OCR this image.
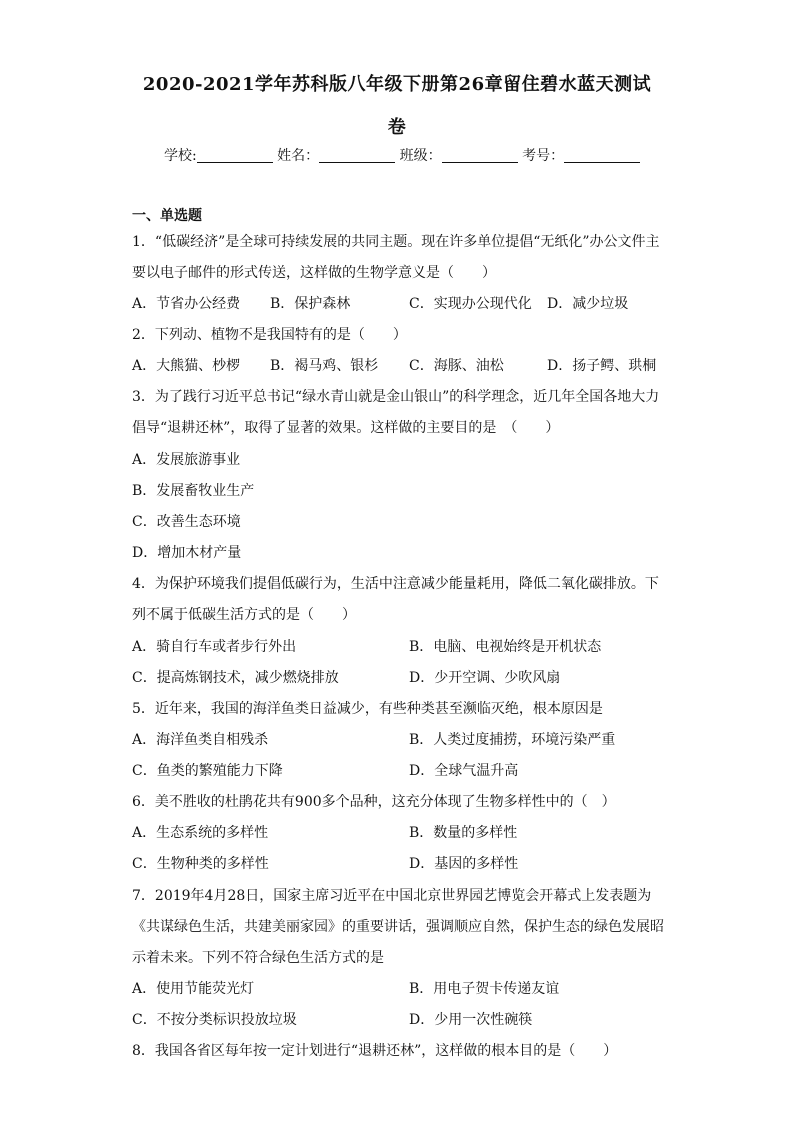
2020-2021学年苏科版八年级下册第26章留住碧水蓝天测试
卷
学校:	姓名：	班级：	考号：
一、单选题
1．“低碳经济”是全球可持续发展的共同主题。现在许多单位提倡“无纸化”办公文件主
要以电子邮件的形式传送，这样做的生物学意义是（　　）
A．节省办公经费 B．保护森林	C．实现办公现代化 D．减少垃圾
2．下列动、植物不是我国特有的是（　　）
A．大熊猫、杪椤 B．褐马鸡、银杉 C．海豚、油松	D．扬子鳄、珙桐
3．为了践行习近平总书记“绿水青山就是金山银山”的科学理念，近几年全国各地大力
倡导“退耕还林”，取得了显著的效果。这样做的主要目的是　（　　）
A．发展旅游事业
B．发展畜牧业生产
C．改善生态环境
D．增加木材产量
4．为保护环境我们提倡低碳行为，生活中注意减少能量耗用，降低二氧化碳排放。下
列不属于低碳生活方式的是（　　）
A．骑自行车或者步行外出	B．电脑、电视始终是开机状态
C．提高炼钢技术，减少燃烧排放	D．少开空调、少吹风扇
5．近年来，我国的海洋鱼类日益减少，有些种类甚至濒临灭绝，根本原因是
A．海洋鱼类自相残杀	B．人类过度捕捞，环境污染严重
C．鱼类的繁殖能力下降	D．全球气温升高
6．美不胜收的杜鹃花共有900多个品种，这充分体现了生物多样性中的（　）
A．生态系统的多样性	B．数量的多样性
C．生物种类的多样性	D．基因的多样性
7．2019年4月28日，国家主席习近平在中国北京世界园艺博览会开幕式上发表题为
《共谋绿色生活，共建美丽家园》的重要讲话，强调顺应自然，保护生态的绿色发展昭
示着未来。下列不符合绿色生活方式的是
A．使用节能荧光灯	B．用电子贺卡传递友谊
C．不按分类标识投放垃圾	D．少用一次性碗筷
8．我国各省区每年按一定计划进行“退耕还林”，这样做的根本目的是（　　）
